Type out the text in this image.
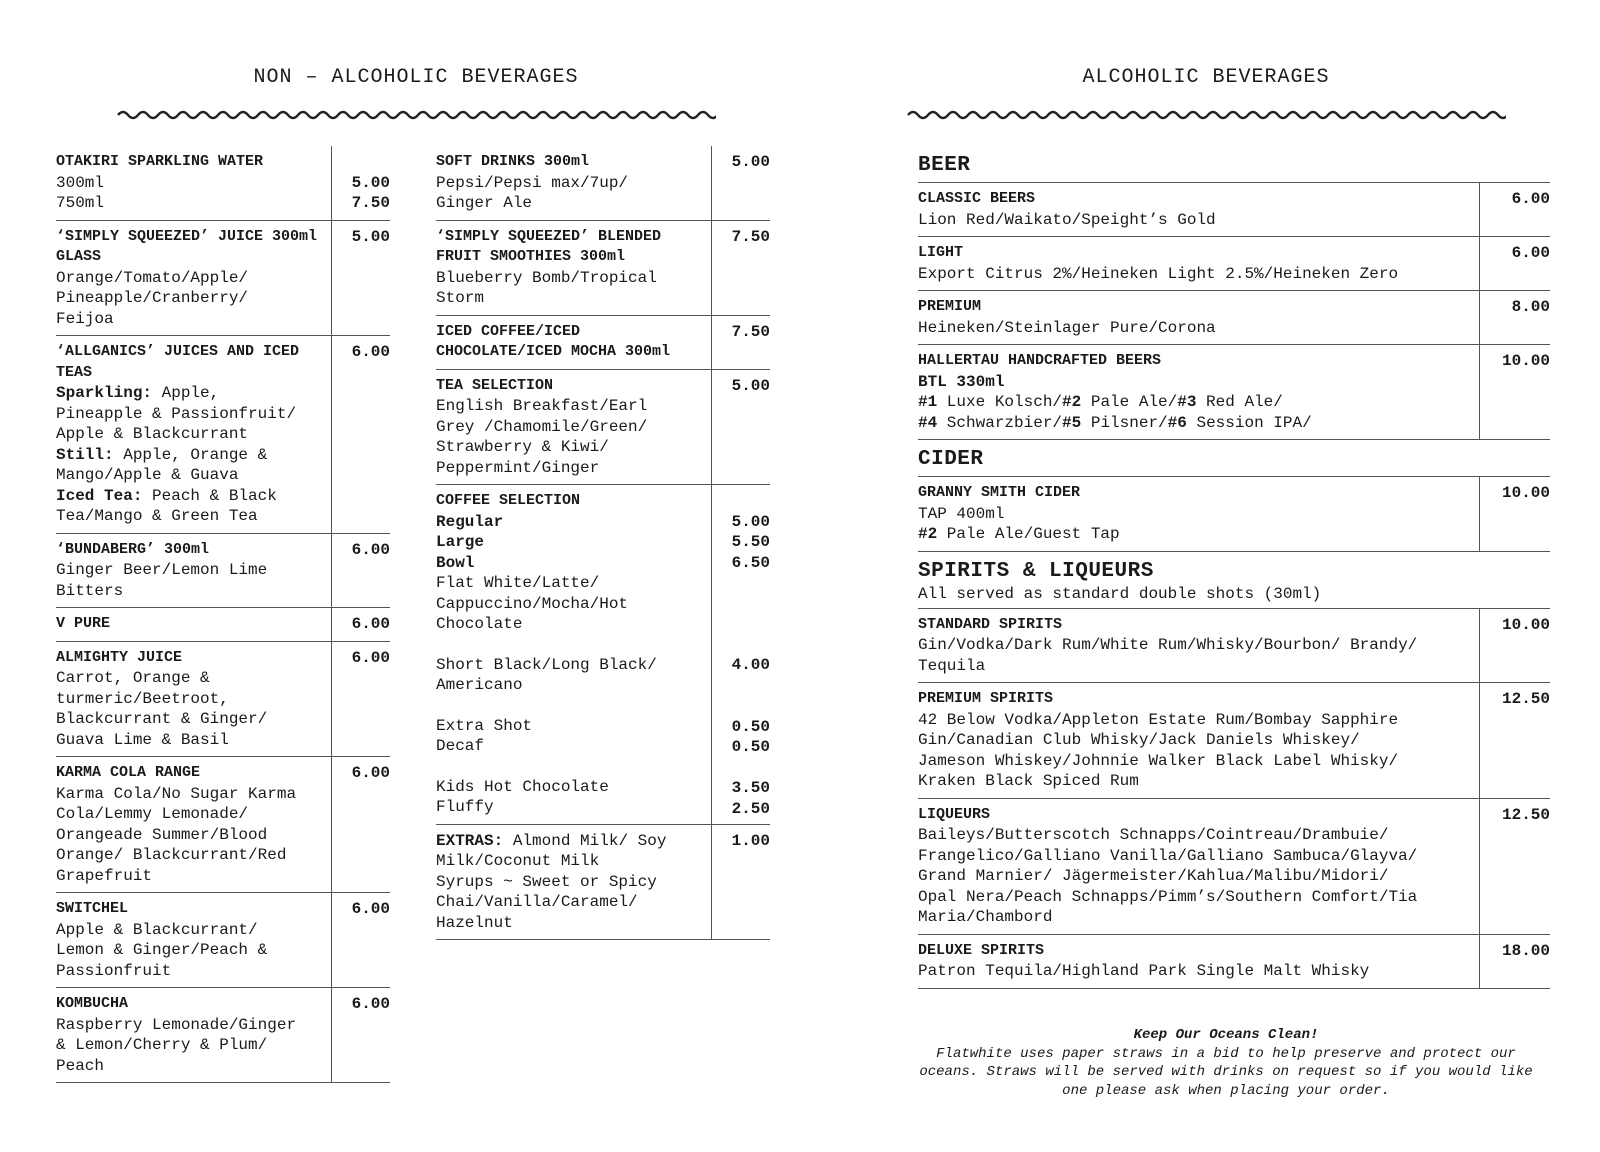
NON – ALCOHOLIC BEVERAGES	ALCOHOLIC BEVERAGES
OTAKIRI SPARKLING WATER
300ml
750ml

5.00
7.50
‘SIMPLY SQUEEZED’ JUICE 300ml GLASS
Orange/Tomato/Apple/
Pineapple/Cranberry/
Feijoa
5.00
‘ALLGANICS’ JUICES AND ICED TEAS
Sparkling: Apple,
Pineapple & Passionfruit/
Apple & Blackcurrant
Still: Apple, Orange &
Mango/Apple & Guava
Iced Tea: Peach & Black
Tea/Mango & Green Tea
6.00
‘BUNDABERG’ 300ml
Ginger Beer/Lemon Lime
Bitters
6.00
V PURE	6.00
ALMIGHTY JUICE
Carrot, Orange &
turmeric/Beetroot,
Blackcurrant & Ginger/
Guava Lime & Basil
6.00
KARMA COLA RANGE
Karma Cola/No Sugar Karma
Cola/Lemmy Lemonade/
Orangeade Summer/Blood
Orange/ Blackcurrant/Red
Grapefruit
6.00
SWITCHEL
Apple & Blackcurrant/
Lemon & Ginger/Peach &
Passionfruit
6.00
KOMBUCHA
Raspberry Lemonade/Ginger
& Lemon/Cherry & Plum/
Peach
6.00
SOFT DRINKS 300ml
Pepsi/Pepsi max/7up/
Ginger Ale
5.00
‘SIMPLY SQUEEZED’ BLENDED FRUIT SMOOTHIES 300ml
Blueberry Bomb/Tropical
Storm
7.50
ICED COFFEE/ICED CHOCOLATE/ICED MOCHA 300ml
7.50
TEA SELECTION
English Breakfast/Earl
Grey /Chamomile/Green/
Strawberry & Kiwi/
Peppermint/Ginger
5.00
COFFEE SELECTION
Regular
Large
Bowl
Flat White/Latte/
Cappuccino/Mocha/Hot
Chocolate
Short Black/Long Black/
Americano
Extra Shot
Decaf
Kids Hot Chocolate
Fluffy

5.00
5.50
6.50

4.00

0.50
0.50

3.50
2.50
EXTRAS: Almond Milk/ Soy
Milk/Coconut Milk
Syrups ~ Sweet or Spicy
Chai/Vanilla/Caramel/
Hazelnut
1.00
BEER
CLASSIC BEERS
Lion Red/Waikato/Speight’s Gold
6.00
LIGHT
Export Citrus 2%/Heineken Light 2.5%/Heineken Zero
6.00
PREMIUM
Heineken/Steinlager Pure/Corona
8.00
HALLERTAU HANDCRAFTED BEERS
BTL 330ml
#1 Luxe Kolsch/#2 Pale Ale/#3 Red Ale/
#4 Schwarzbier/#5 Pilsner/#6 Session IPA/
10.00
CIDER
GRANNY SMITH CIDER
TAP 400ml
#2 Pale Ale/Guest Tap
10.00
SPIRITS & LIQUEURS
All served as standard double shots (30ml)
STANDARD SPIRITS
Gin/Vodka/Dark Rum/White Rum/Whisky/Bourbon/ Brandy/
Tequila
10.00
PREMIUM SPIRITS
42 Below Vodka/Appleton Estate Rum/Bombay Sapphire
Gin/Canadian Club Whisky/Jack Daniels Whiskey/
Jameson Whiskey/Johnnie Walker Black Label Whisky/
Kraken Black Spiced Rum
12.50
LIQUEURS
Baileys/Butterscotch Schnapps/Cointreau/Drambuie/
Frangelico/Galliano Vanilla/Galliano Sambuca/Glayva/
Grand Marnier/ Jägermeister/Kahlua/Malibu/Midori/
Opal Nera/Peach Schnapps/Pimm’s/Southern Comfort/Tia
Maria/Chambord
12.50
DELUXE SPIRITS
Patron Tequila/Highland Park Single Malt Whisky
18.00
Keep Our Oceans Clean!
Flatwhite uses paper straws in a bid to help preserve and protect our oceans. Straws will be served with drinks on request so if you would like one please ask when placing your order.
